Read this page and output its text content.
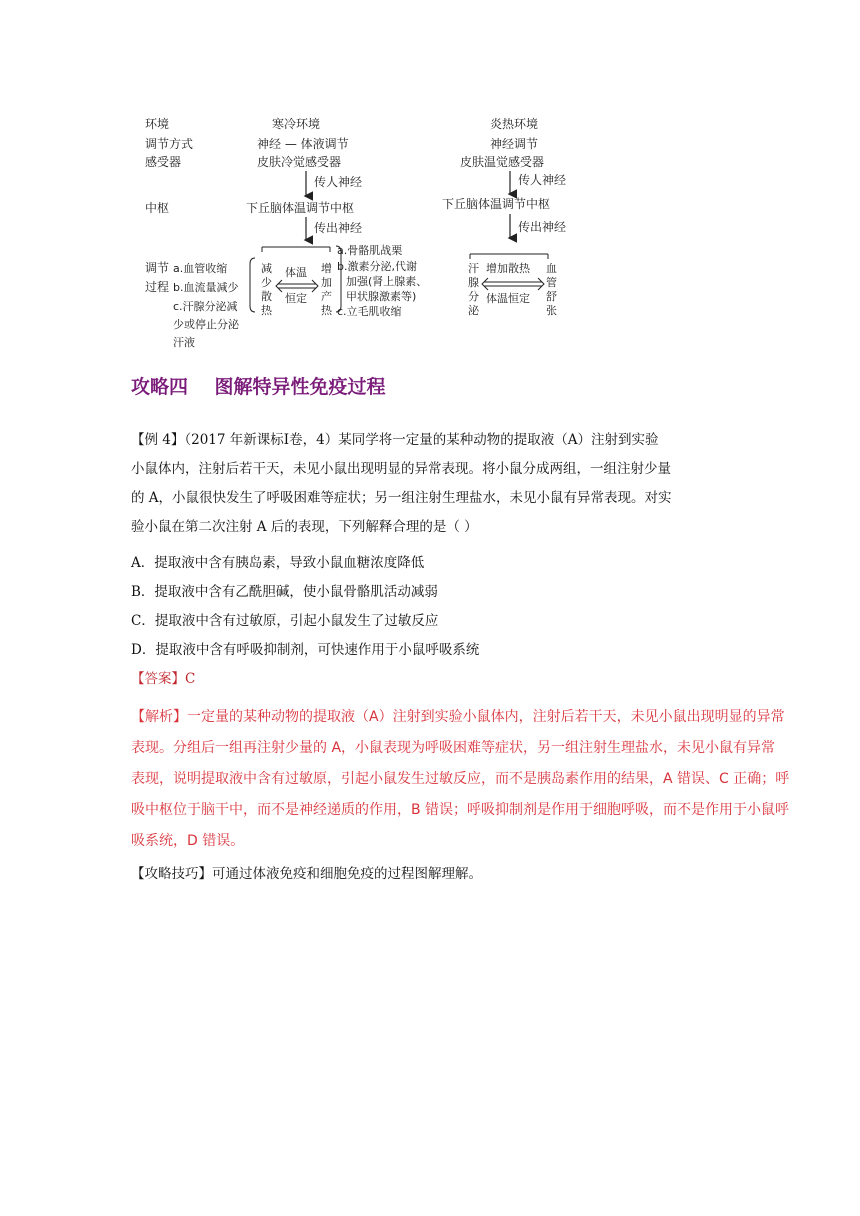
环境
调节方式
感受器
中枢
调节
过程
寒冷环境
神经 — 体液调节
皮肤冷觉感受器
传人神经
下丘脑体温调节中枢
传出神经
a.血管收缩
b.血流量减少
c.汗腺分泌减
少或停止分泌
汗液
减
少
散
热
体温
恒定
增
加
产
热
a.骨骼肌战栗
b.激素分泌,代谢
加强(肾上腺素、
甲状腺激素等)
c.立毛肌收缩
炎热环境
神经调节
皮肤温觉感受器
传人神经
下丘脑体温调节中枢
传出神经
汗
腺
分
泌
增加散热
体温恒定
血
管
舒
张
攻略四    图解特异性免疫过程
【例 4】（2017 年新课标Ⅰ卷，4）某同学将一定量的某种动物的提取液（A）注射到实验
小鼠体内，注射后若干天，未见小鼠出现明显的异常表现。将小鼠分成两组，一组注射少量
的 A，小鼠很快发生了呼吸困难等症状；另一组注射生理盐水，未见小鼠有异常表现。对实
验小鼠在第二次注射 A 后的表现，下列解释合理的是（ ）
A．提取液中含有胰岛素，导致小鼠血糖浓度降低
B．提取液中含有乙酰胆碱，使小鼠骨骼肌活动减弱
C．提取液中含有过敏原，引起小鼠发生了过敏反应
D．提取液中含有呼吸抑制剂，可快速作用于小鼠呼吸系统
【答案】C
【解析】一定量的某种动物的提取液（A）注射到实验小鼠体内，注射后若干天，未见小鼠出现明显的异常
表现。分组后一组再注射少量的 A，小鼠表现为呼吸困难等症状，另一组注射生理盐水，未见小鼠有异常
表现，说明提取液中含有过敏原，引起小鼠发生过敏反应，而不是胰岛素作用的结果，A 错误、C 正确；呼
吸中枢位于脑干中，而不是神经递质的作用，B 错误；呼吸抑制剂是作用于细胞呼吸，而不是作用于小鼠呼
吸系统，D 错误。
【攻略技巧】可通过体液免疫和细胞免疫的过程图解理解。
